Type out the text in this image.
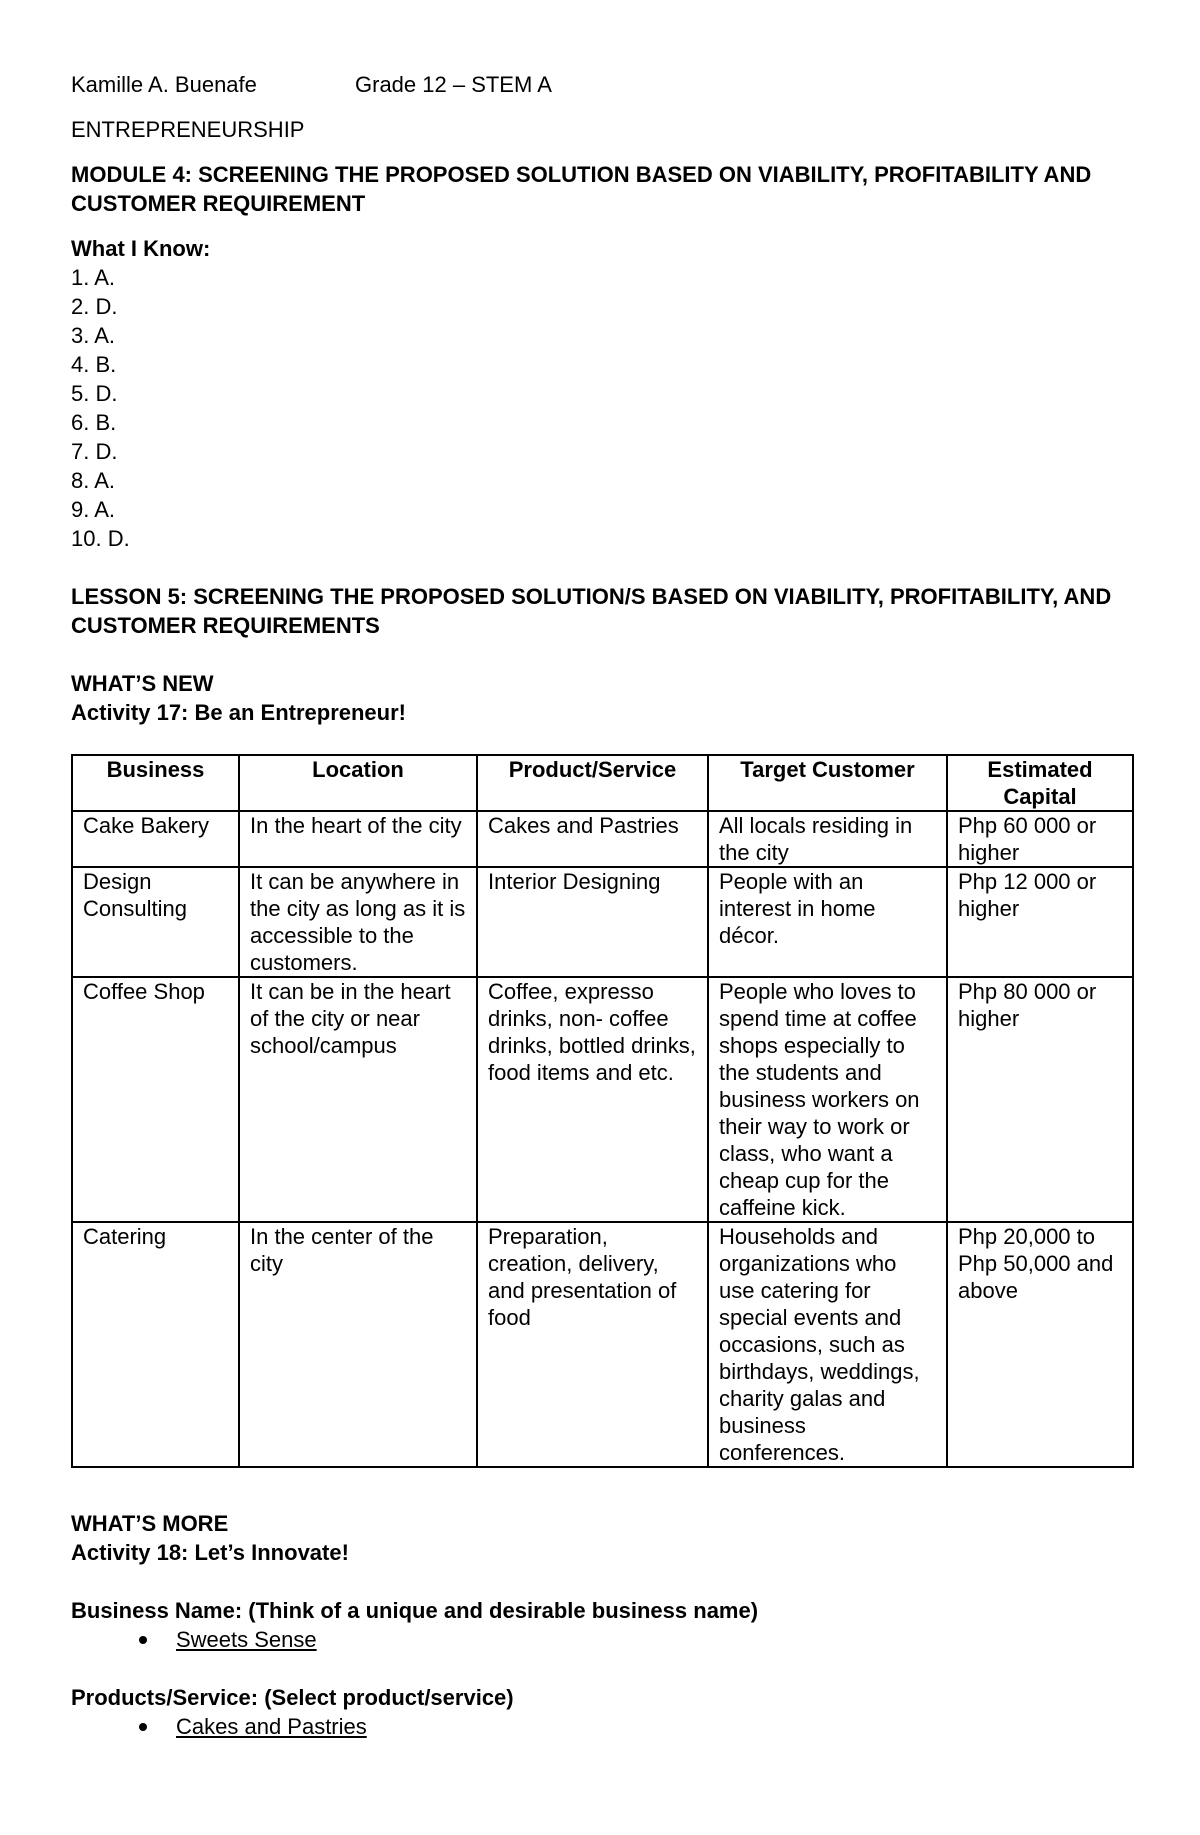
Kamille A. Buenafe	Grade 12 – STEM A
ENTREPRENEURSHIP
MODULE 4: SCREENING THE PROPOSED SOLUTION BASED ON VIABILITY, PROFITABILITY AND CUSTOMER REQUIREMENT
What I Know:
1. A.
2. D.
3. A.
4. B.
5. D.
6. B.
7. D.
8. A.
9. A.
10. D.
LESSON 5: SCREENING THE PROPOSED SOLUTION/S BASED ON VIABILITY, PROFITABILITY, AND CUSTOMER REQUIREMENTS
WHAT’S NEW
Activity 17: Be an Entrepreneur!
Business	Location	Product/Service	Target Customer	Estimated Capital
Cake Bakery	In the heart of the city	Cakes and Pastries	All locals residing in the city	Php 60 000 or higher
Design Consulting	It can be anywhere in the city as long as it is accessible to the customers.	Interior Designing	People with an interest in home décor.	Php 12 000 or higher
Coffee Shop	It can be in the heart of the city or near school/campus	Coffee, expresso drinks, non- coffee drinks, bottled drinks, food items and etc.	People who loves to spend time at coffee shops especially to the students and business workers on their way to work or class, who want a cheap cup for the caffeine kick.	Php 80 000 or higher
Catering	In the center of the city	Preparation, creation, delivery, and presentation of food	Households and organizations who use catering for special events and occasions, such as birthdays, weddings, charity galas and business conferences.	Php 20,000 to Php 50,000 and above
WHAT’S MORE
Activity 18: Let’s Innovate!
Business Name: (Think of a unique and desirable business name)
Sweets Sense
Products/Service: (Select product/service)
Cakes and Pastries
